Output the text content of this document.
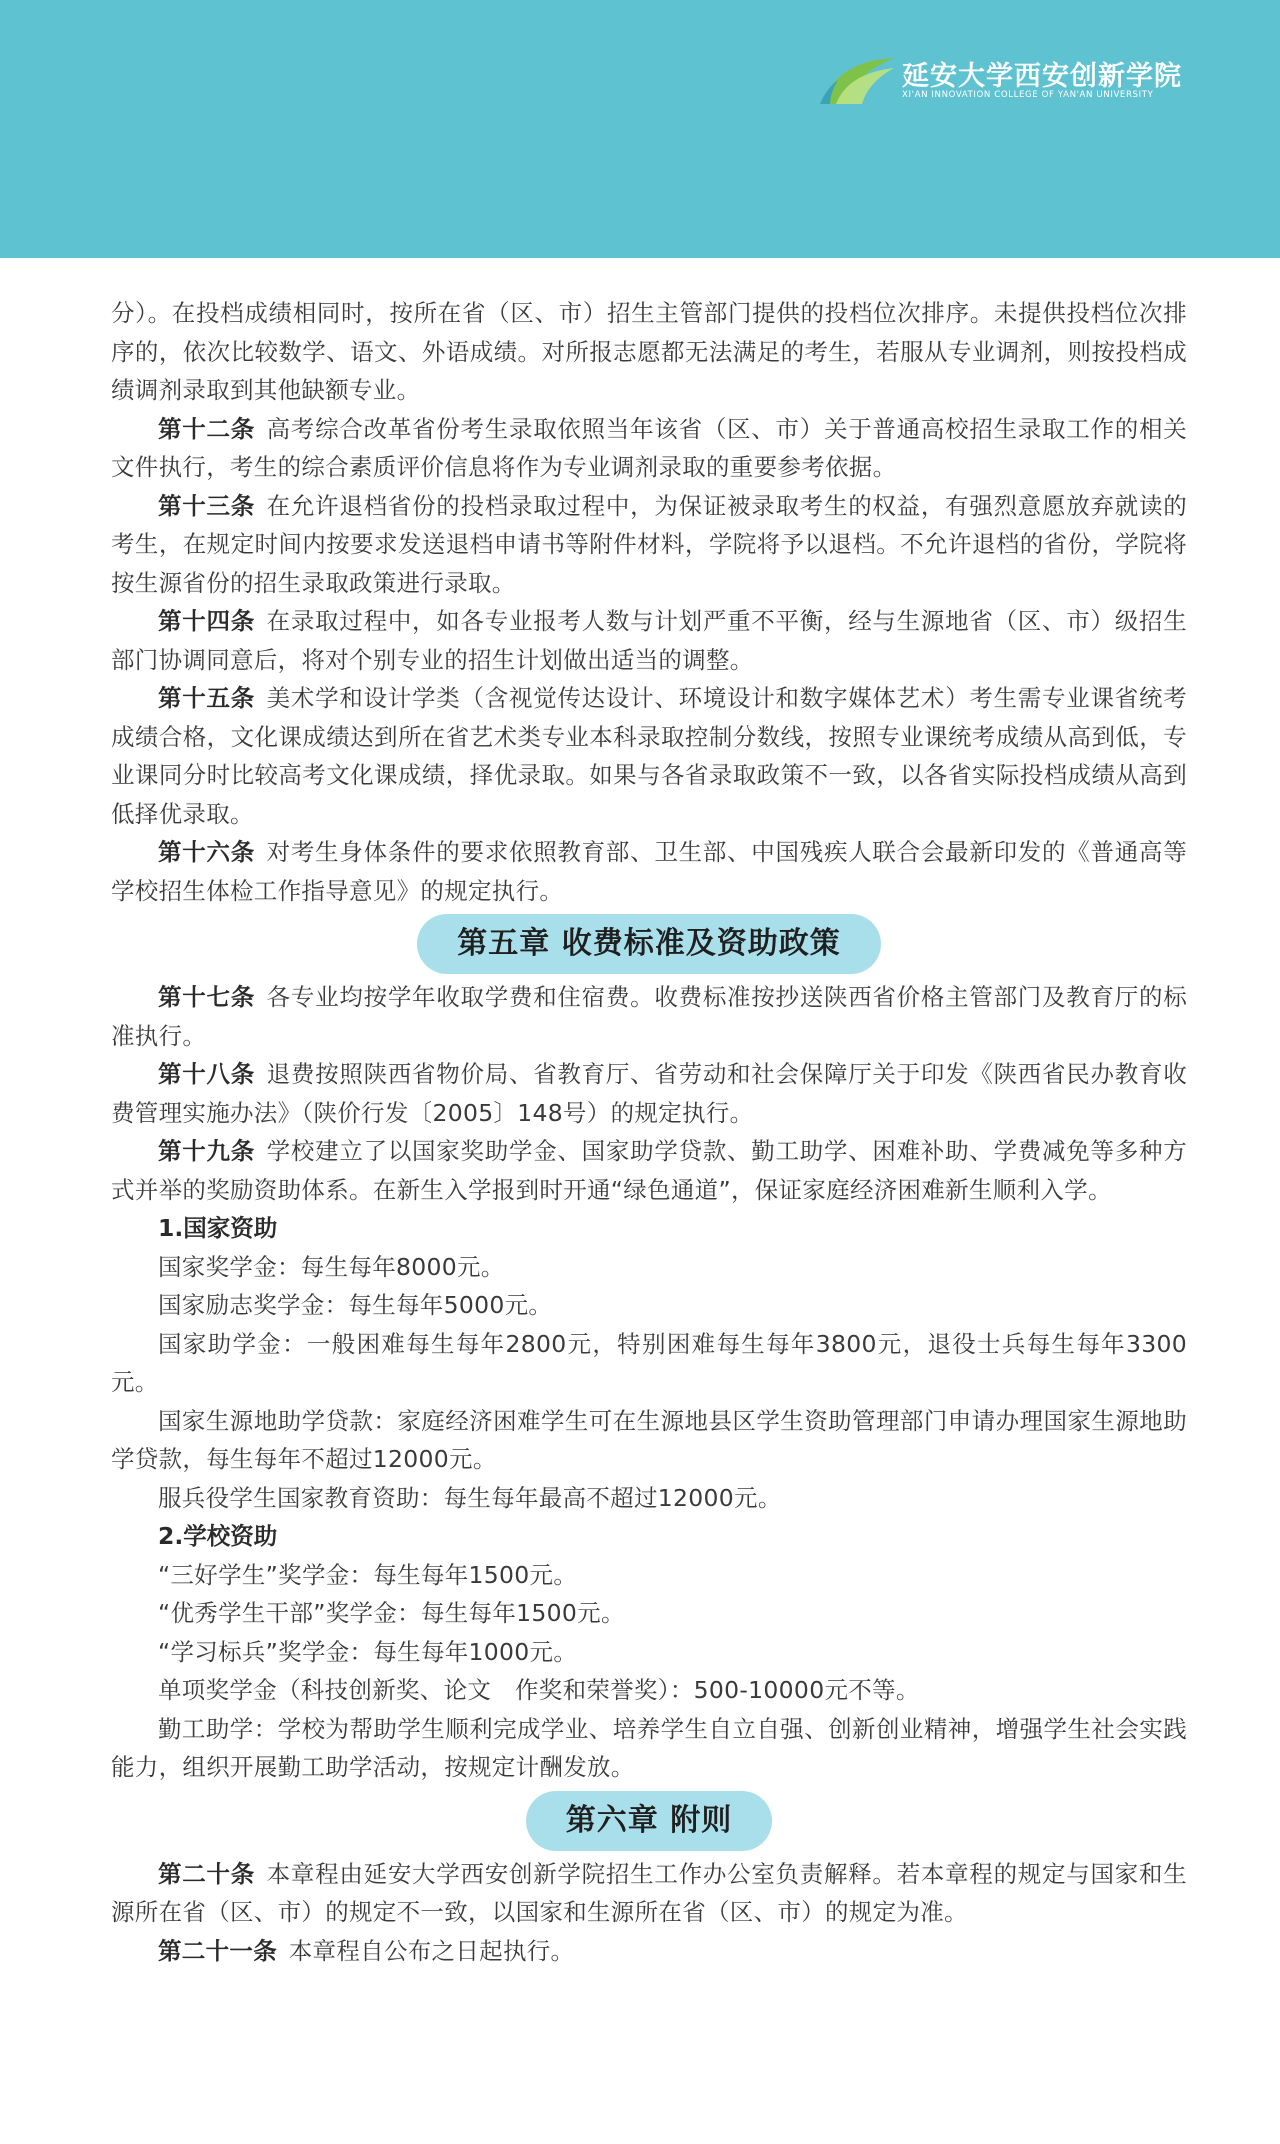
延安大学西安创新学院
XI'AN INNOVATION COLLEGE OF YAN'AN UNIVERSITY

分）。在投档成绩相同时，按所在省（区、市）招生主管部门提供的投档位次排序。未提供投档位次排序的，依次比较数学、语文、外语成绩。对所报志愿都无法满足的考生，若服从专业调剂，则按投档成绩调剂录取到其他缺额专业。

第十二条 高考综合改革省份考生录取依照当年该省（区、市）关于普通高校招生录取工作的相关文件执行，考生的综合素质评价信息将作为专业调剂录取的重要参考依据。

第十三条 在允许退档省份的投档录取过程中，为保证被录取考生的权益，有强烈意愿放弃就读的考生，在规定时间内按要求发送退档申请书等附件材料，学院将予以退档。不允许退档的省份，学院将按生源省份的招生录取政策进行录取。

第十四条 在录取过程中，如各专业报考人数与计划严重不平衡，经与生源地省（区、市）级招生部门协调同意后，将对个别专业的招生计划做出适当的调整。

第十五条 美术学和设计学类（含视觉传达设计、环境设计和数字媒体艺术）考生需专业课省统考成绩合格，文化课成绩达到所在省艺术类专业本科录取控制分数线，按照专业课统考成绩从高到低，专业课同分时比较高考文化课成绩，择优录取。如果与各省录取政策不一致，以各省实际投档成绩从高到低择优录取。

第十六条 对考生身体条件的要求依照教育部、卫生部、中国残疾人联合会最新印发的《普通高等学校招生体检工作指导意见》的规定执行。

第五章 收费标准及资助政策

第十七条 各专业均按学年收取学费和住宿费。收费标准按抄送陕西省价格主管部门及教育厅的标准执行。

第十八条 退费按照陕西省物价局、省教育厅、省劳动和社会保障厅关于印发《陕西省民办教育收费管理实施办法》（陕价行发〔2005〕148号）的规定执行。

第十九条 学校建立了以国家奖助学金、国家助学贷款、勤工助学、困难补助、学费减免等多种方式并举的奖励资助体系。在新生入学报到时开通“绿色通道”，保证家庭经济困难新生顺利入学。

1.国家资助

国家奖学金：每生每年8000元。

国家励志奖学金：每生每年5000元。

国家助学金：一般困难每生每年2800元，特别困难每生每年3800元，退役士兵每生每年3300元。

国家生源地助学贷款：家庭经济困难学生可在生源地县区学生资助管理部门申请办理国家生源地助学贷款，每生每年不超过12000元。

服兵役学生国家教育资助：每生每年最高不超过12000元。

2.学校资助

“三好学生”奖学金：每生每年1500元。

“优秀学生干部”奖学金：每生每年1500元。

“学习标兵”奖学金：每生每年1000元。

单项奖学金（科技创新奖、论文　作奖和荣誉奖）：500-10000元不等。

勤工助学：学校为帮助学生顺利完成学业、培养学生自立自强、创新创业精神，增强学生社会实践能力，组织开展勤工助学活动，按规定计酬发放。

第六章 附则

第二十条 本章程由延安大学西安创新学院招生工作办公室负责解释。若本章程的规定与国家和生源所在省（区、市）的规定不一致，以国家和生源所在省（区、市）的规定为准。

第二十一条 本章程自公布之日起执行。
